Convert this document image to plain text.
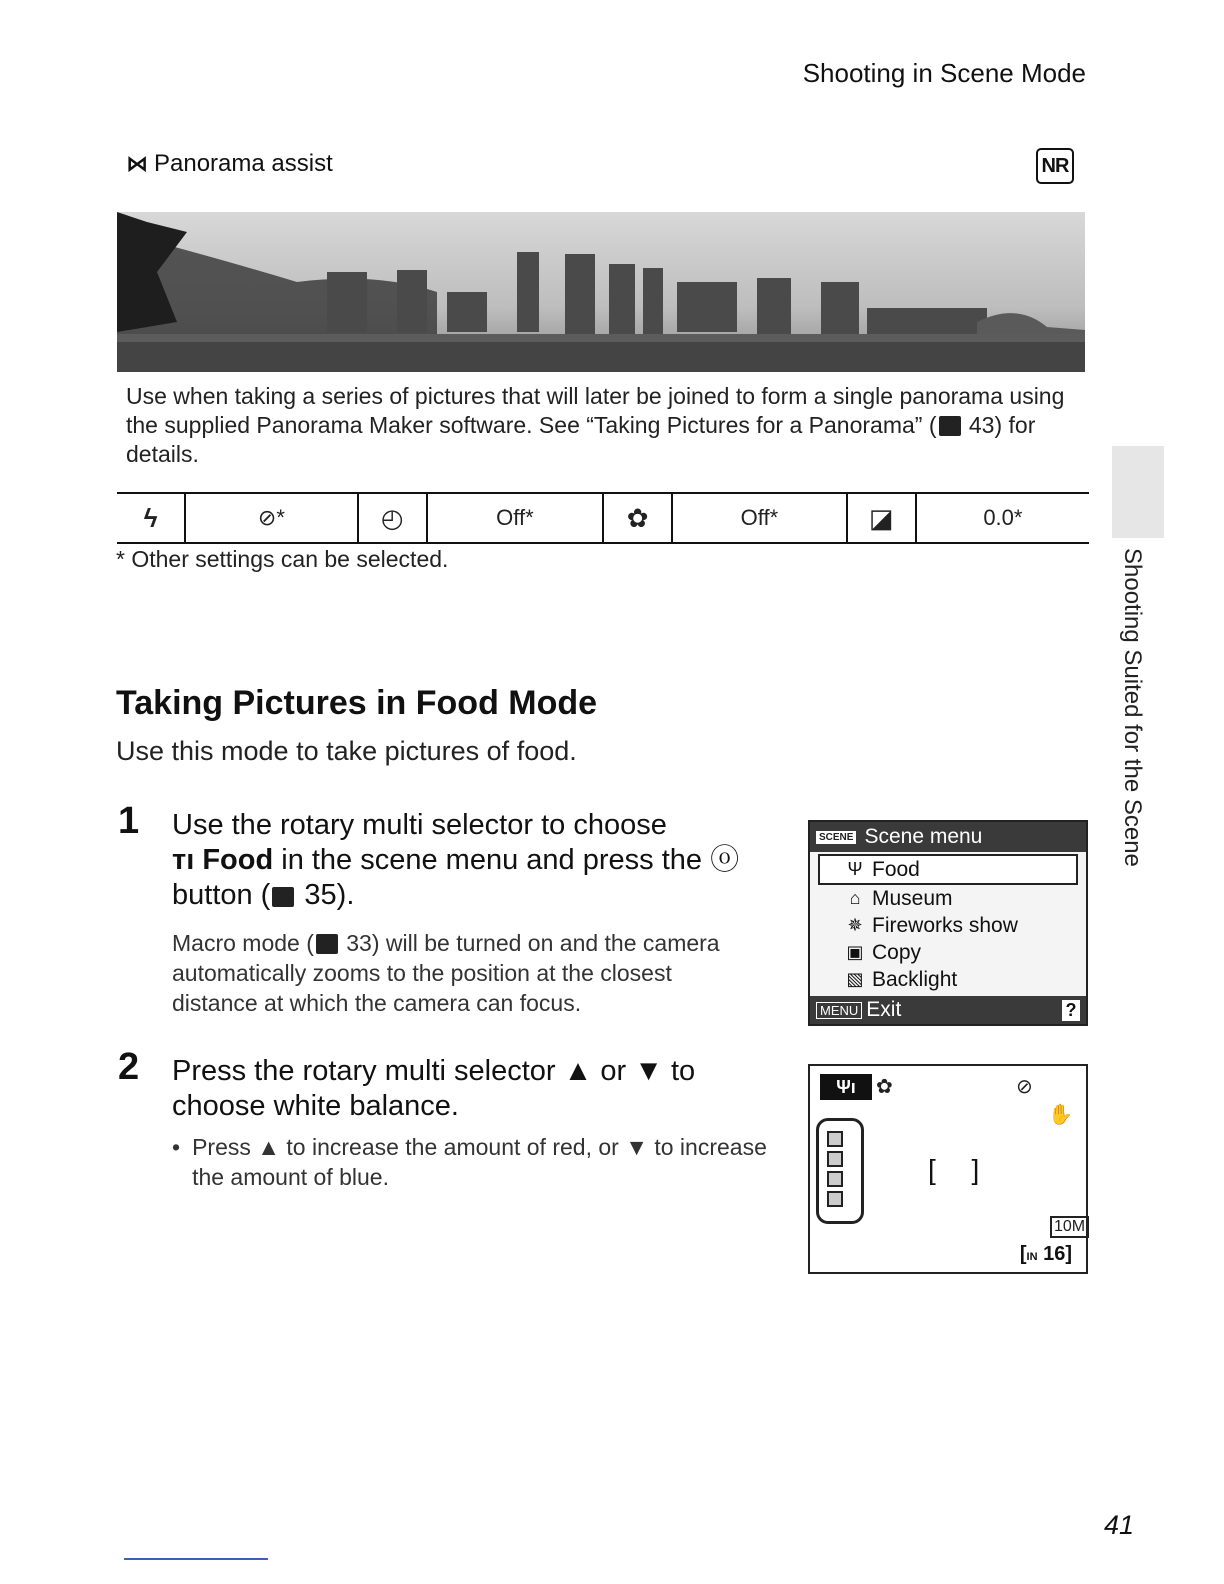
Shooting in Scene Mode
⋈ Panorama assist	NR
Use when taking a series of pictures that will later be joined to form a single panorama using the supplied Panorama Maker software. See “Taking Pictures for a Panorama” ( 43) for details.
ϟ	⊘*	◴	Off*	✿	Off*	◪	0.0*
* Other settings can be selected.	Shooting Suited for the Scene
Taking Pictures in Food Mode
Use this mode to take pictures of food.
1 Use the rotary multi selector to choose
тı Food in the scene menu and press the ⓞ button ( 35).
Macro mode ( 33) will be turned on and the camera automatically zooms to the position at the closest distance at which the camera can focus.
2 Press the rotary multi selector ▲ or ▼ to choose white balance.
• Press ▲ to increase the amount of red, or ▼ to increase the amount of blue.
SCENE Scene menu
Ψ Food
⌂ Museum
✵ Fireworks show
▣ Copy
▧ Backlight
MENU Exit	?
Ψı	✿	⊘
✋
[ ]
10M
[IN 16]
41
